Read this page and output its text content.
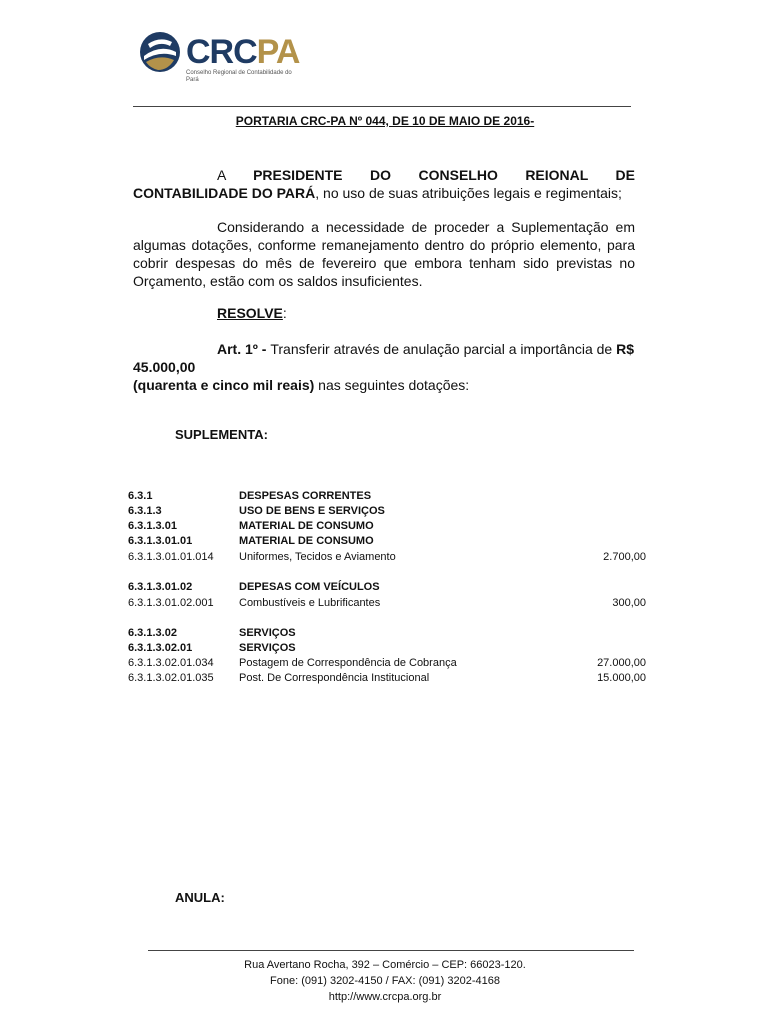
CRCPA
Conselho Regional de Contabilidade do Pará
PORTARIA CRC-PA Nº 044, DE 10 DE MAIO DE 2016-
A PRESIDENTE DO CONSELHO REIONAL DE CONTABILIDADE DO PARÁ, no uso de suas atribuições legais e regimentais;
Considerando a necessidade de proceder a Suplementação em algumas dotações, conforme remanejamento dentro do próprio elemento, para cobrir despesas do mês de fevereiro que embora tenham sido previstas no Orçamento, estão com os saldos insuficientes.
RESOLVE:
Art. 1º - Transferir através de anulação parcial a importância de R$ 45.000,00
(quarenta e cinco mil reais) nas seguintes dotações:
SUPLEMENTA:
6.3.1	DESPESAS CORRENTES
6.3.1.3	USO DE BENS E SERVIÇOS
6.3.1.3.01	MATERIAL DE CONSUMO
6.3.1.3.01.01	MATERIAL DE CONSUMO
6.3.1.3.01.01.014 Uniformes, Tecidos e Aviamento	2.700,00
6.3.1.3.01.02	DEPESAS COM VEÍCULOS
6.3.1.3.01.02.001 Combustíveis e Lubrificantes	300,00
6.3.1.3.02	SERVIÇOS
6.3.1.3.02.01	SERVIÇOS
6.3.1.3.02.01.034 Postagem de Correspondência de Cobrança	27.000,00
6.3.1.3.02.01.035 Post. De Correspondência Institucional	15.000,00
ANULA:
Rua Avertano Rocha, 392 – Comércio – CEP: 66023-120.
Fone: (091) 3202-4150 / FAX: (091) 3202-4168
http://www.crcpa.org.br
